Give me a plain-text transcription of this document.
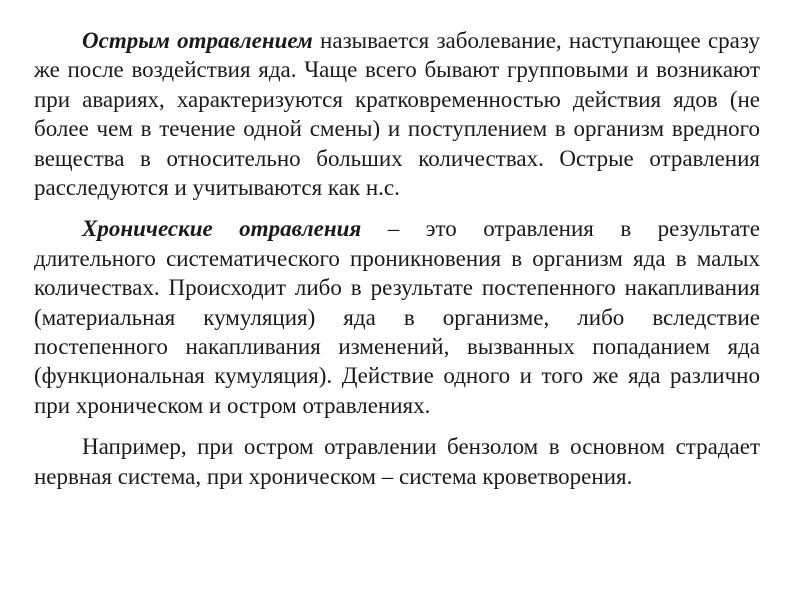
Острым отравлением называется заболевание, наступающее сразу же после воздействия яда. Чаще всего бывают групповыми и возникают при авариях, характеризуются кратковременностью действия ядов (не более чем в течение одной смены) и поступлением в организм вредного вещества в относительно больших количествах. Острые отравления расследуются и учитываются как н.с.

Хронические отравления – это отравления в результате длительного систематического проникновения в организм яда в малых количествах. Происходит либо в результате постепенного накапливания (материальная кумуляция) яда в организме, либо вследствие постепенного накапливания изменений, вызванных попаданием яда (функциональная кумуляция). Действие одного и того же яда различно при хроническом и остром отравлениях.

Например, при остром отравлении бензолом в основном страдает нервная система, при хроническом – система кроветворения.
